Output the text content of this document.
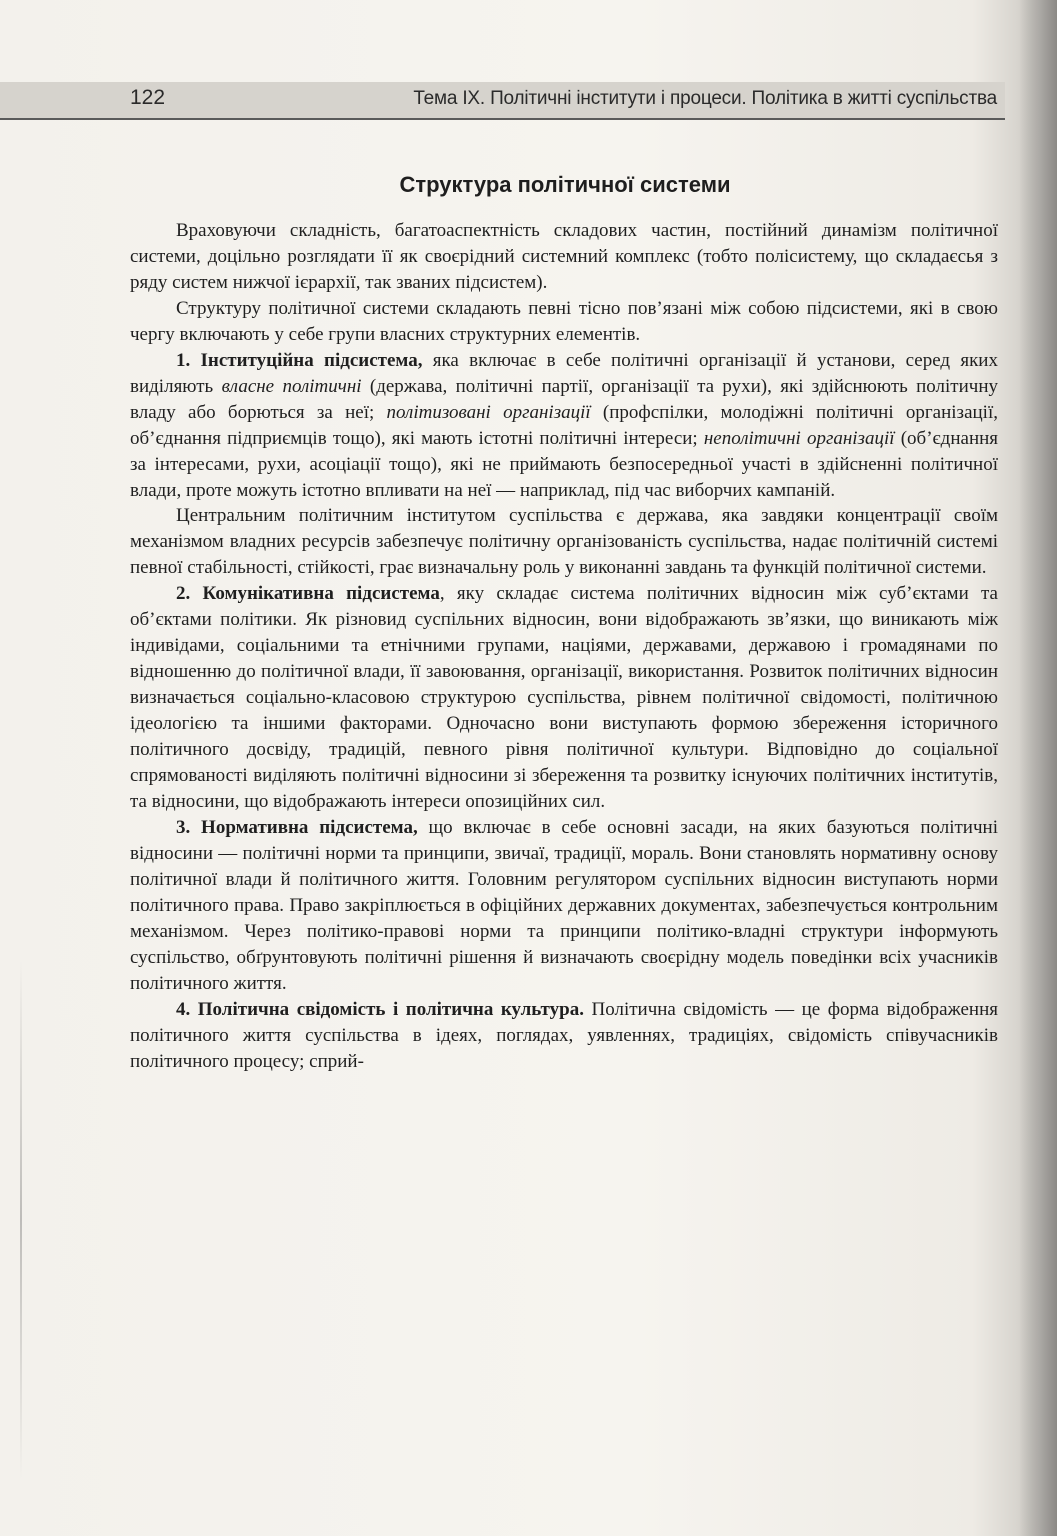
122	Тема IX. Політичні інститути і процеси. Політика в житті суспільства
Структура політичної системи

Враховуючи складність, багатоаспектність складових частин, постійний динамізм політичної системи, доцільно розглядати її як своєрідний системний комплекс (тобто полісистему, що складаєсья з ряду систем нижчої ієрархії, так званих підсистем).

Структуру політичної системи складають певні тісно пов’язані між собою підсистеми, які в свою чергу включають у себе групи власних структурних елементів.

1. Інституційна підсистема, яка включає в себе політичні організації й установи, серед яких виділяють власне політичні (держава, політичні партії, організації та рухи), які здійснюють політичну владу або борються за неї; політизовані організації (профспілки, молодіжні політичні організації, об’єднання підприємців тощо), які мають істотні політичні інтереси; неполітичні організації (об’єднання за інтересами, рухи, асоціації тощо), які не приймають безпосередньої участі в здійсненні політичної влади, проте можуть істотно впливати на неї — наприклад, під час виборчих кампаній.

Центральним політичним інститутом суспільства є держава, яка завдяки концентрації своїм механізмом владних ресурсів забезпечує політичну організованість суспільства, надає політичній системі певної стабільності, стійкості, грає визначальну роль у виконанні завдань та функцій політичної системи.

2. Комунікативна підсистема, яку складає система політичних відносин між суб’єктами та об’єктами політики. Як різновид суспільних відносин, вони відображають зв’язки, що виникають між індивідами, соціальними та етнічними групами, націями, державами, державою і громадянами по відношенню до політичної влади, її завоювання, організації, використання. Розвиток політичних відносин визначається соціально-класовою структурою суспільства, рівнем політичної свідомості, політичною ідеологією та іншими факторами. Одночасно вони виступають формою збереження історичного політичного досвіду, традицій, певного рівня політичної культури. Відповідно до соціальної спрямованості виділяють політичні відносини зі збереження та розвитку існуючих політичних інститутів, та відносини, що відображають інтереси опозиційних сил.

3. Нормативна підсистема, що включає в себе основні засади, на яких базуються політичні відносини — політичні норми та принципи, звичаї, традиції, мораль. Вони становлять нормативну основу політичної влади й політичного життя. Головним регулятором суспільних відносин виступають норми політичного права. Право закріплюється в офіційних державних документах, забезпечується контрольним механізмом. Через політико-правові норми та принципи політико-владні структури інформують суспільство, обґрунтовують політичні рішення й визначають своєрідну модель поведінки всіх учасників політичного життя.

4. Політична свідомість і політична культура. Політична свідомість — це форма відображення політичного життя суспільства в ідеях, поглядах, уявленнях, традиціях, свідомість співучасників політичного процесу; сприй-
